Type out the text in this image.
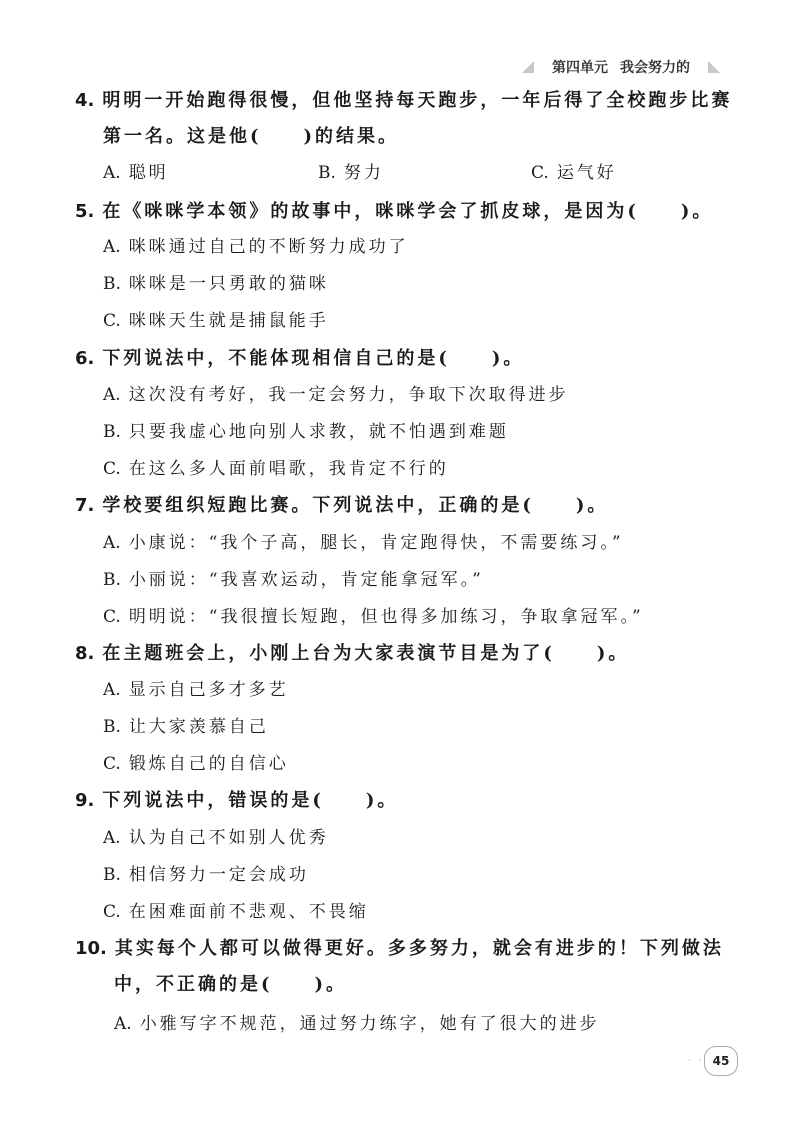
第四单元 我会努力的
4. 明明一开始跑得很慢，但他坚持每天跑步，一年后得了全校跑步比赛
第一名。这是他(　　)的结果。
A. 聪明	B. 努力	C. 运气好
5. 在《咪咪学本领》的故事中，咪咪学会了抓皮球，是因为(　　)。
A. 咪咪通过自己的不断努力成功了
B. 咪咪是一只勇敢的猫咪
C. 咪咪天生就是捕鼠能手
6. 下列说法中，不能体现相信自己的是(　　)。
A. 这次没有考好，我一定会努力，争取下次取得进步
B. 只要我虚心地向别人求教，就不怕遇到难题
C. 在这么多人面前唱歌，我肯定不行的
7. 学校要组织短跑比赛。下列说法中，正确的是(　　)。
A. 小康说：“我个子高，腿长，肯定跑得快，不需要练习。”
B. 小丽说：“我喜欢运动，肯定能拿冠军。”
C. 明明说：“我很擅长短跑，但也得多加练习，争取拿冠军。”
8. 在主题班会上，小刚上台为大家表演节目是为了(　　)。
A. 显示自己多才多艺
B. 让大家羡慕自己
C. 锻炼自己的自信心
9. 下列说法中，错误的是(　　)。
A. 认为自己不如别人优秀
B. 相信努力一定会成功
C. 在困难面前不悲观、不畏缩
10. 其实每个人都可以做得更好。多多努力，就会有进步的！下列做法
中，不正确的是(　　)。
A. 小雅写字不规范，通过努力练字，她有了很大的进步
· · 45
